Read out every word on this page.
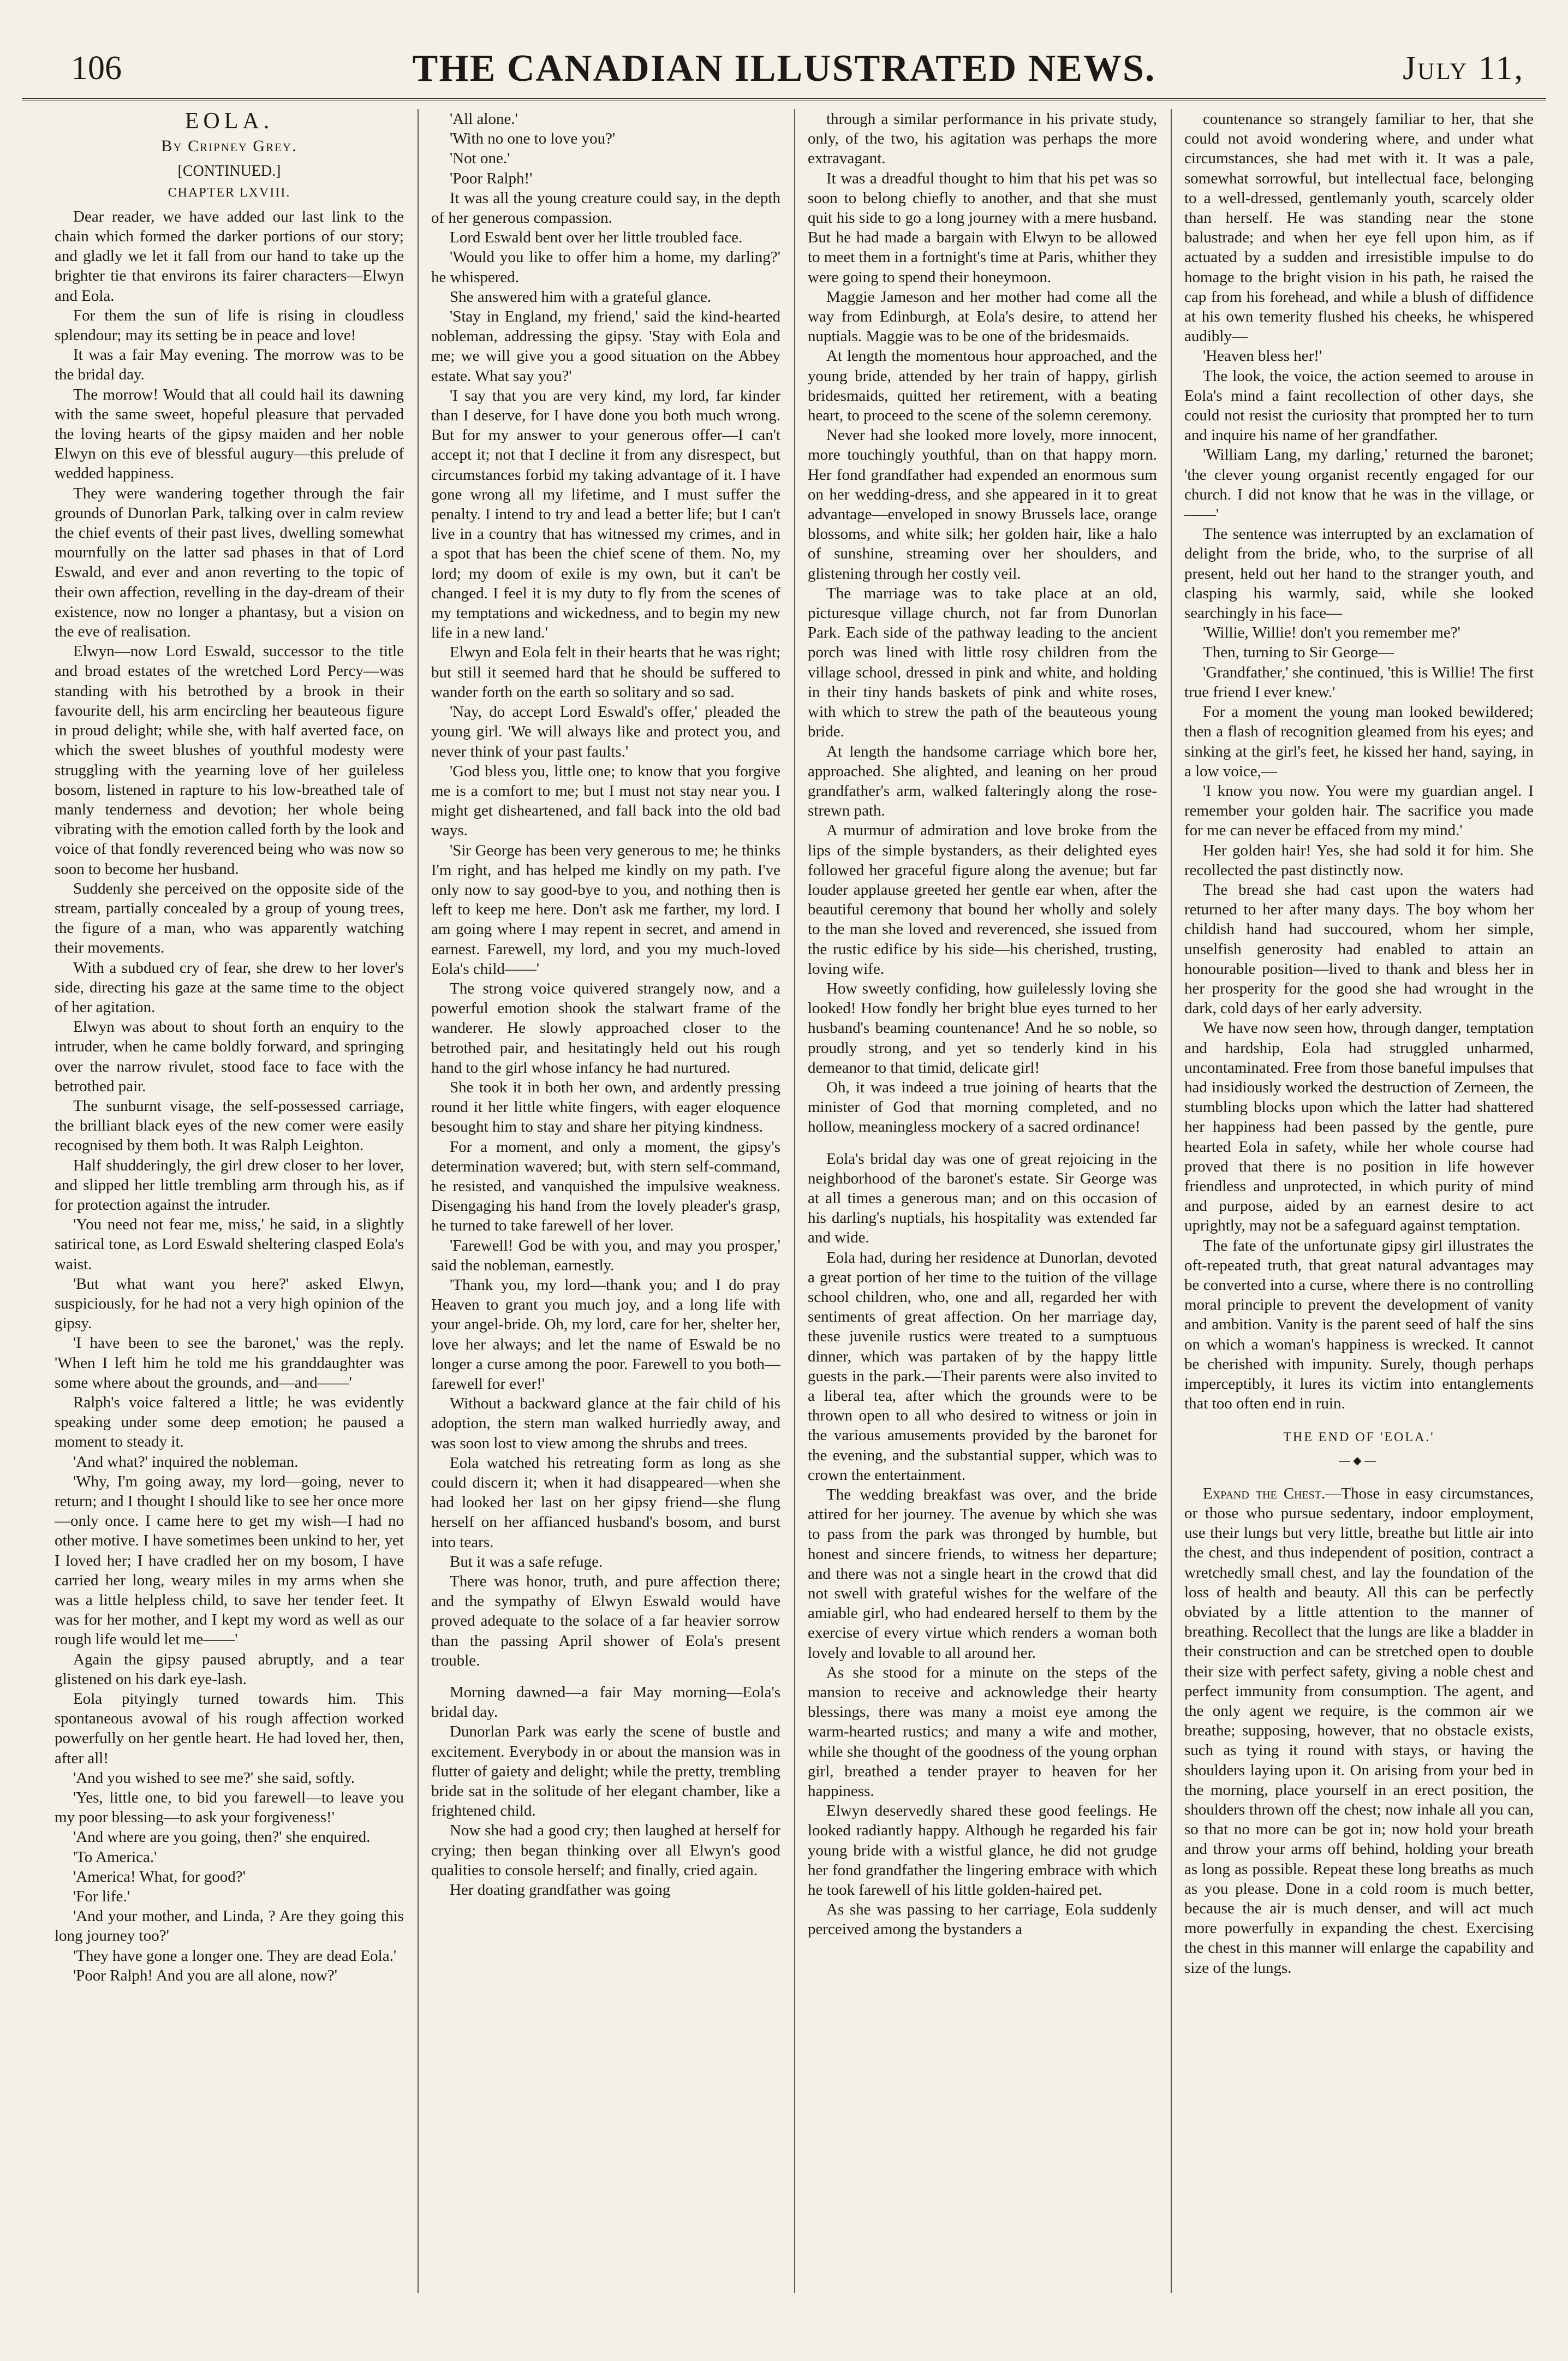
106	THE CANADIAN ILLUSTRATED NEWS.	July 11,
EOLA.
By Cripney Grey.
[CONTINUED.]
CHAPTER LXVIII.

Dear reader, we have added our last link to the chain which formed the darker portions of our story; and gladly we let it fall from our hand to take up the brighter tie that environs its fairer characters—Elwyn and Eola.

For them the sun of life is rising in cloudless splendour; may its setting be in peace and love!

It was a fair May evening. The morrow was to be the bridal day.

The morrow! Would that all could hail its dawning with the same sweet, hopeful pleasure that pervaded the loving hearts of the gipsy maiden and her noble Elwyn on this eve of blessful augury—this prelude of wedded happiness.

They were wandering together through the fair grounds of Dunorlan Park, talking over in calm review the chief events of their past lives, dwelling somewhat mournfully on the latter sad phases in that of Lord Eswald, and ever and anon reverting to the topic of their own affection, revelling in the day-dream of their existence, now no longer a phantasy, but a vision on the eve of realisation.

Elwyn—now Lord Eswald, successor to the title and broad estates of the wretched Lord Percy—was standing with his betrothed by a brook in their favourite dell, his arm encircling her beauteous figure in proud delight; while she, with half averted face, on which the sweet blushes of youthful modesty were struggling with the yearning love of her guileless bosom, listened in rapture to his low-breathed tale of manly tenderness and devotion; her whole being vibrating with the emotion called forth by the look and voice of that fondly reverenced being who was now so soon to become her husband.

Suddenly she perceived on the opposite side of the stream, partially concealed by a group of young trees, the figure of a man, who was apparently watching their movements.

With a subdued cry of fear, she drew to her lover's side, directing his gaze at the same time to the object of her agitation.

Elwyn was about to shout forth an enquiry to the intruder, when he came boldly forward, and springing over the narrow rivulet, stood face to face with the betrothed pair.

The sunburnt visage, the self-possessed carriage, the brilliant black eyes of the new comer were easily recognised by them both. It was Ralph Leighton.

Half shudderingly, the girl drew closer to her lover, and slipped her little trembling arm through his, as if for protection against the intruder.

'You need not fear me, miss,' he said, in a slightly satirical tone, as Lord Eswald sheltering clasped Eola's waist.

'But what want you here?' asked Elwyn, suspiciously, for he had not a very high opinion of the gipsy.

'I have been to see the baronet,' was the reply. 'When I left him he told me his granddaughter was some where about the grounds, and—and——'

Ralph's voice faltered a little; he was evidently speaking under some deep emotion; he paused a moment to steady it.

'And what?' inquired the nobleman.

'Why, I'm going away, my lord—going, never to return; and I thought I should like to see her once more—only once. I came here to get my wish—I had no other motive. I have sometimes been unkind to her, yet I loved her; I have cradled her on my bosom, I have carried her long, weary miles in my arms when she was a little helpless child, to save her tender feet. It was for her mother, and I kept my word as well as our rough life would let me——'

Again the gipsy paused abruptly, and a tear glistened on his dark eye-lash.

Eola pityingly turned towards him. This spontaneous avowal of his rough affection worked powerfully on her gentle heart. He had loved her, then, after all!

'And you wished to see me?' she said, softly.

'Yes, little one, to bid you farewell—to leave you my poor blessing—to ask your forgiveness!'

'And where are you going, then?' she enquired.

'To America.'

'America! What, for good?'

'For life.'

'And your mother, and Linda, ? Are they going this long journey too?'

'They have gone a longer one. They are dead Eola.'

'Poor Ralph! And you are all alone, now?'

'All alone.'

'With no one to love you?'

'Not one.'

'Poor Ralph!'

It was all the young creature could say, in the depth of her generous compassion.

Lord Eswald bent over her little troubled face.

'Would you like to offer him a home, my darling?' he whispered.

She answered him with a grateful glance.

'Stay in England, my friend,' said the kind-hearted nobleman, addressing the gipsy. 'Stay with Eola and me; we will give you a good situation on the Abbey estate. What say you?'

'I say that you are very kind, my lord, far kinder than I deserve, for I have done you both much wrong. But for my answer to your generous offer—I can't accept it; not that I decline it from any disrespect, but circumstances forbid my taking advantage of it. I have gone wrong all my lifetime, and I must suffer the penalty. I intend to try and lead a better life; but I can't live in a country that has witnessed my crimes, and in a spot that has been the chief scene of them. No, my lord; my doom of exile is my own, but it can't be changed. I feel it is my duty to fly from the scenes of my temptations and wickedness, and to begin my new life in a new land.'

Elwyn and Eola felt in their hearts that he was right; but still it seemed hard that he should be suffered to wander forth on the earth so solitary and so sad.

'Nay, do accept Lord Eswald's offer,' pleaded the young girl. 'We will always like and protect you, and never think of your past faults.'

'God bless you, little one; to know that you forgive me is a comfort to me; but I must not stay near you. I might get disheartened, and fall back into the old bad ways.

'Sir George has been very generous to me; he thinks I'm right, and has helped me kindly on my path. I've only now to say good-bye to you, and nothing then is left to keep me here. Don't ask me farther, my lord. I am going where I may repent in secret, and amend in earnest. Farewell, my lord, and you my much-loved Eola's child——'

The strong voice quivered strangely now, and a powerful emotion shook the stalwart frame of the wanderer. He slowly approached closer to the betrothed pair, and hesitatingly held out his rough hand to the girl whose infancy he had nurtured.

She took it in both her own, and ardently pressing round it her little white fingers, with eager eloquence besought him to stay and share her pitying kindness.

For a moment, and only a moment, the gipsy's determination wavered; but, with stern self-command, he resisted, and vanquished the impulsive weakness. Disengaging his hand from the lovely pleader's grasp, he turned to take farewell of her lover.

'Farewell! God be with you, and may you prosper,' said the nobleman, earnestly.

'Thank you, my lord—thank you; and I do pray Heaven to grant you much joy, and a long life with your angel-bride. Oh, my lord, care for her, shelter her, love her always; and let the name of Eswald be no longer a curse among the poor. Farewell to you both—farewell for ever!'

Without a backward glance at the fair child of his adoption, the stern man walked hurriedly away, and was soon lost to view among the shrubs and trees.

Eola watched his retreating form as long as she could discern it; when it had disappeared—when she had looked her last on her gipsy friend—she flung herself on her affianced husband's bosom, and burst into tears.

But it was a safe refuge.

There was honor, truth, and pure affection there; and the sympathy of Elwyn Eswald would have proved adequate to the solace of a far heavier sorrow than the passing April shower of Eola's present trouble.

Morning dawned—a fair May morning—Eola's bridal day.

Dunorlan Park was early the scene of bustle and excitement. Everybody in or about the mansion was in flutter of gaiety and delight; while the pretty, trembling bride sat in the solitude of her elegant chamber, like a frightened child.

Now she had a good cry; then laughed at herself for crying; then began thinking over all Elwyn's good qualities to console herself; and finally, cried again.

Her doating grandfather was going

through a similar performance in his private study, only, of the two, his agitation was perhaps the more extravagant.

It was a dreadful thought to him that his pet was so soon to belong chiefly to another, and that she must quit his side to go a long journey with a mere husband. But he had made a bargain with Elwyn to be allowed to meet them in a fortnight's time at Paris, whither they were going to spend their honeymoon.

Maggie Jameson and her mother had come all the way from Edinburgh, at Eola's desire, to attend her nuptials. Maggie was to be one of the bridesmaids.

At length the momentous hour approached, and the young bride, attended by her train of happy, girlish bridesmaids, quitted her retirement, with a beating heart, to proceed to the scene of the solemn ceremony.

Never had she looked more lovely, more innocent, more touchingly youthful, than on that happy morn. Her fond grandfather had expended an enormous sum on her wedding-dress, and she appeared in it to great advantage—enveloped in snowy Brussels lace, orange blossoms, and white silk; her golden hair, like a halo of sunshine, streaming over her shoulders, and glistening through her costly veil.

The marriage was to take place at an old, picturesque village church, not far from Dunorlan Park. Each side of the pathway leading to the ancient porch was lined with little rosy children from the village school, dressed in pink and white, and holding in their tiny hands baskets of pink and white roses, with which to strew the path of the beauteous young bride.

At length the handsome carriage which bore her, approached. She alighted, and leaning on her proud grandfather's arm, walked falteringly along the rose-strewn path.

A murmur of admiration and love broke from the lips of the simple bystanders, as their delighted eyes followed her graceful figure along the avenue; but far louder applause greeted her gentle ear when, after the beautiful ceremony that bound her wholly and solely to the man she loved and reverenced, she issued from the rustic edifice by his side—his cherished, trusting, loving wife.

How sweetly confiding, how guilelessly loving she looked! How fondly her bright blue eyes turned to her husband's beaming countenance! And he so noble, so proudly strong, and yet so tenderly kind in his demeanor to that timid, delicate girl!

Oh, it was indeed a true joining of hearts that the minister of God that morning completed, and no hollow, meaningless mockery of a sacred ordinance!

Eola's bridal day was one of great rejoicing in the neighborhood of the baronet's estate. Sir George was at all times a generous man; and on this occasion of his darling's nuptials, his hospitality was extended far and wide.

Eola had, during her residence at Dunorlan, devoted a great portion of her time to the tuition of the village school children, who, one and all, regarded her with sentiments of great affection. On her marriage day, these juvenile rustics were treated to a sumptuous dinner, which was partaken of by the happy little guests in the park.—Their parents were also invited to a liberal tea, after which the grounds were to be thrown open to all who desired to witness or join in the various amusements provided by the baronet for the evening, and the substantial supper, which was to crown the entertainment.

The wedding breakfast was over, and the bride attired for her journey. The avenue by which she was to pass from the park was thronged by humble, but honest and sincere friends, to witness her departure; and there was not a single heart in the crowd that did not swell with grateful wishes for the welfare of the amiable girl, who had endeared herself to them by the exercise of every virtue which renders a woman both lovely and lovable to all around her.

As she stood for a minute on the steps of the mansion to receive and acknowledge their hearty blessings, there was many a moist eye among the warm-hearted rustics; and many a wife and mother, while she thought of the goodness of the young orphan girl, breathed a tender prayer to heaven for her happiness.

Elwyn deservedly shared these good feelings. He looked radiantly happy. Although he regarded his fair young bride with a wistful glance, he did not grudge her fond grandfather the lingering embrace with which he took farewell of his little golden-haired pet.

As she was passing to her carriage, Eola suddenly perceived among the bystanders a

countenance so strangely familiar to her, that she could not avoid wondering where, and under what circumstances, she had met with it. It was a pale, somewhat sorrowful, but intellectual face, belonging to a well-dressed, gentlemanly youth, scarcely older than herself. He was standing near the stone balustrade; and when her eye fell upon him, as if actuated by a sudden and irresistible impulse to do homage to the bright vision in his path, he raised the cap from his forehead, and while a blush of diffidence at his own temerity flushed his cheeks, he whispered audibly—

'Heaven bless her!'

The look, the voice, the action seemed to arouse in Eola's mind a faint recollection of other days, she could not resist the curiosity that prompted her to turn and inquire his name of her grandfather.

'William Lang, my darling,' returned the baronet; 'the clever young organist recently engaged for our church. I did not know that he was in the village, or——'

The sentence was interrupted by an exclamation of delight from the bride, who, to the surprise of all present, held out her hand to the stranger youth, and clasping his warmly, said, while she looked searchingly in his face—

'Willie, Willie! don't you remember me?'

Then, turning to Sir George—

'Grandfather,' she continued, 'this is Willie! The first true friend I ever knew.'

For a moment the young man looked bewildered; then a flash of recognition gleamed from his eyes; and sinking at the girl's feet, he kissed her hand, saying, in a low voice,—

'I know you now. You were my guardian angel. I remember your golden hair. The sacrifice you made for me can never be effaced from my mind.'

Her golden hair! Yes, she had sold it for him. She recollected the past distinctly now.

The bread she had cast upon the waters had returned to her after many days. The boy whom her childish hand had succoured, whom her simple, unselfish generosity had enabled to attain an honourable position—lived to thank and bless her in her prosperity for the good she had wrought in the dark, cold days of her early adversity.

We have now seen how, through danger, temptation and hardship, Eola had struggled unharmed, uncontaminated. Free from those baneful impulses that had insidiously worked the destruction of Zerneen, the stumbling blocks upon which the latter had shattered her happiness had been passed by the gentle, pure hearted Eola in safety, while her whole course had proved that there is no position in life however friendless and unprotected, in which purity of mind and purpose, aided by an earnest desire to act uprightly, may not be a safeguard against temptation.

The fate of the unfortunate gipsy girl illustrates the oft-repeated truth, that great natural advantages may be converted into a curse, where there is no controlling moral principle to prevent the development of vanity and ambition. Vanity is the parent seed of half the sins on which a woman's happiness is wrecked. It cannot be cherished with impunity. Surely, though perhaps imperceptibly, it lures its victim into entanglements that too often end in ruin.

THE END OF 'EOLA.'
—◆—

Expand the Chest.—Those in easy circumstances, or those who pursue sedentary, indoor employment, use their lungs but very little, breathe but little air into the chest, and thus independent of position, contract a wretchedly small chest, and lay the foundation of the loss of health and beauty. All this can be perfectly obviated by a little attention to the manner of breathing. Recollect that the lungs are like a bladder in their construction and can be stretched open to double their size with perfect safety, giving a noble chest and perfect immunity from consumption. The agent, and the only agent we require, is the common air we breathe; supposing, however, that no obstacle exists, such as tying it round with stays, or having the shoulders laying upon it. On arising from your bed in the morning, place yourself in an erect position, the shoulders thrown off the chest; now inhale all you can, so that no more can be got in; now hold your breath and throw your arms off behind, holding your breath as long as possible. Repeat these long breaths as much as you please. Done in a cold room is much better, because the air is much denser, and will act much more powerfully in expanding the chest. Exercising the chest in this manner will enlarge the capability and size of the lungs.
